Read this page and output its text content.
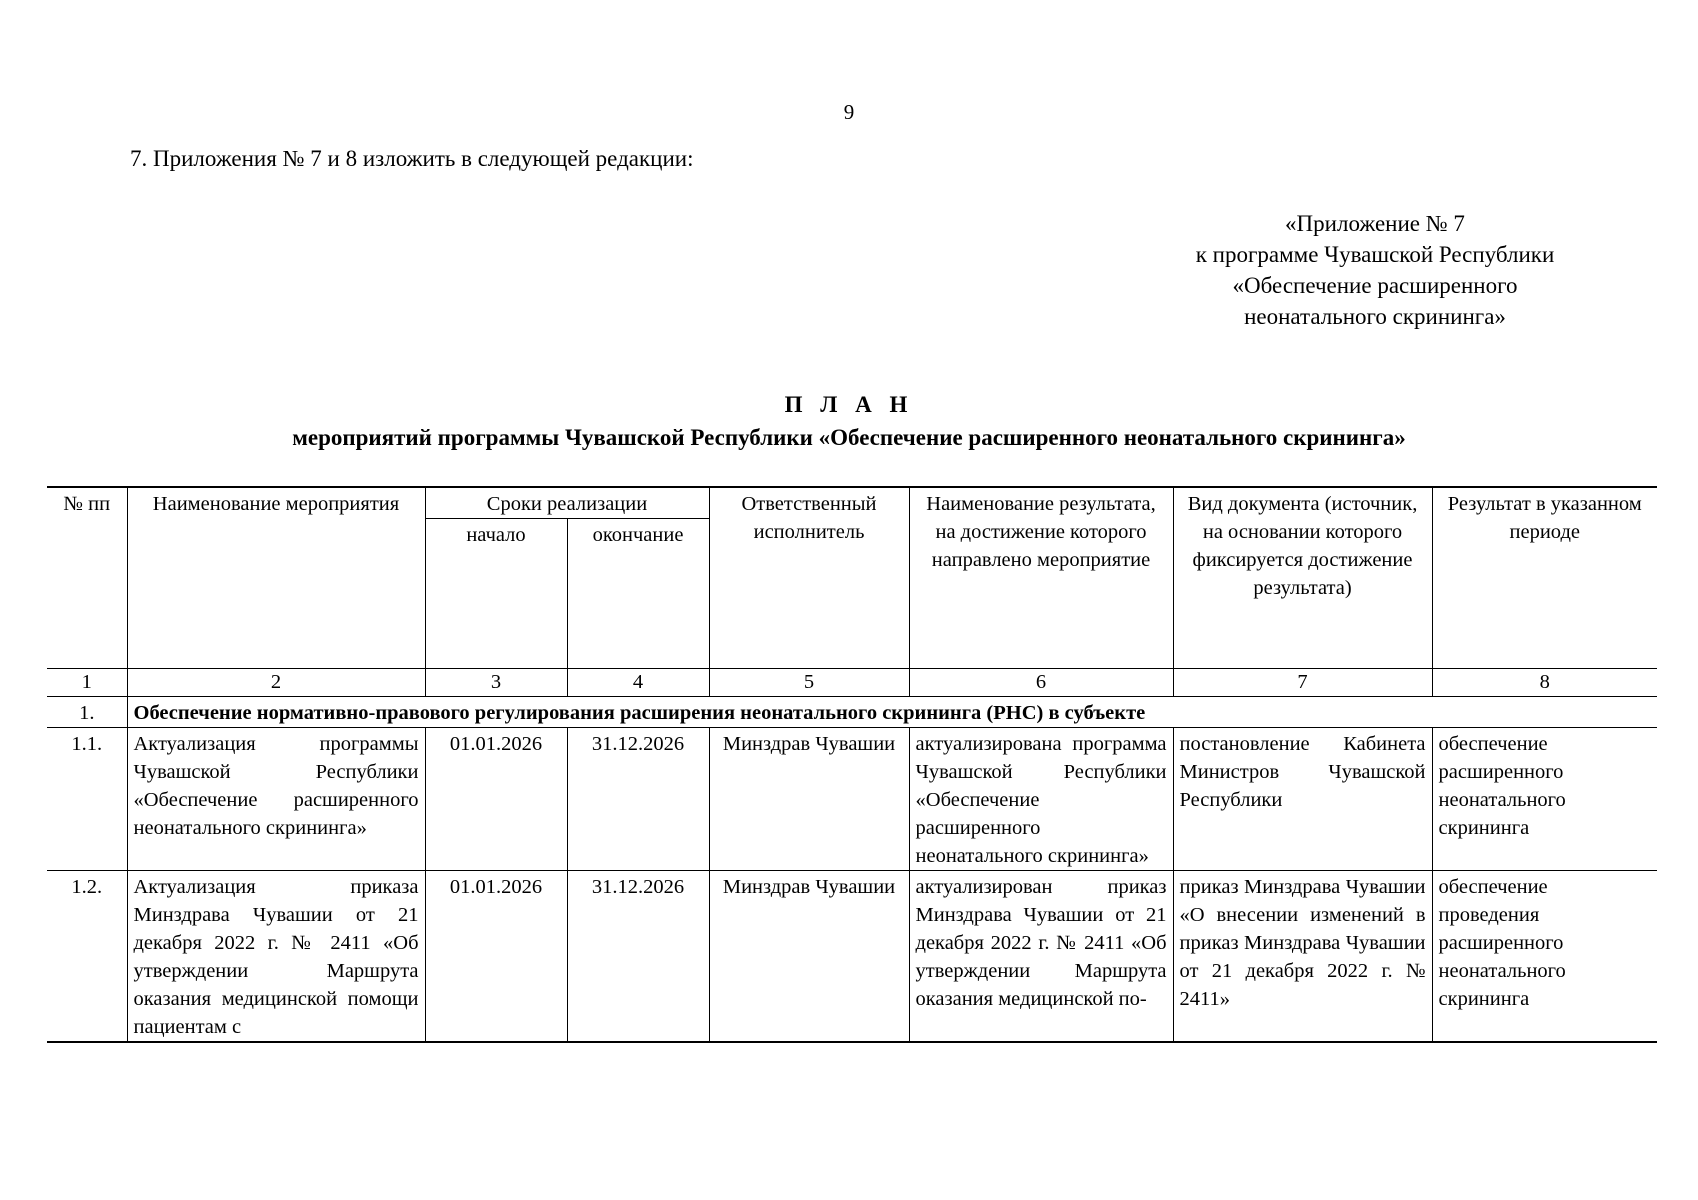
9
7. Приложения № 7 и 8 изложить в следующей редакции:
«Приложение № 7
к программе Чувашской Республики
«Обеспечение расширенного
неонатального скрининга»
П Л А Н
мероприятий программы Чувашской Республики «Обеспечение расширенного неонатального скрининга»
№ пп	Наименование мероприятия	Сроки реализации		Ответственный исполнитель	Наименование результата, на достижение которого направлено мероприятие	Вид документа (источник, на основании которого фиксируется достижение результата)	Результат в указанном периоде
		начало	окончание				
1	2	3	4	5	6	7	8
1.	Обеспечение нормативно-правового регулирования расширения неонатального скрининга (РНС) в субъекте						
1.1.	Актуализация программы Чувашской Республики «Обеспечение расширенного неонатального скрининга»	01.01.2026	31.12.2026	Минздрав Чувашии	актуализирована программа Чувашской Республики «Обеспечение расширенного неонатального скрининга»	постановление Кабинета Министров Чувашской Республики	обеспечение расширенного неонатального скрининга
1.2.	Актуализация приказа Минздрава Чувашии от 21 декабря 2022 г. № 2411 «Об утверждении Маршрута оказания медицинской помощи пациентам с	01.01.2026	31.12.2026	Минздрав Чувашии	актуализирован приказ Минздрава Чувашии от 21 декабря 2022 г. № 2411 «Об утверждении Маршрута оказания медицинской по-	приказ Минздрава Чувашии «О внесении изменений в приказ Минздрава Чувашии от 21 декабря 2022 г. № 2411»	обеспечение проведения расширенного неонатального скрининга
